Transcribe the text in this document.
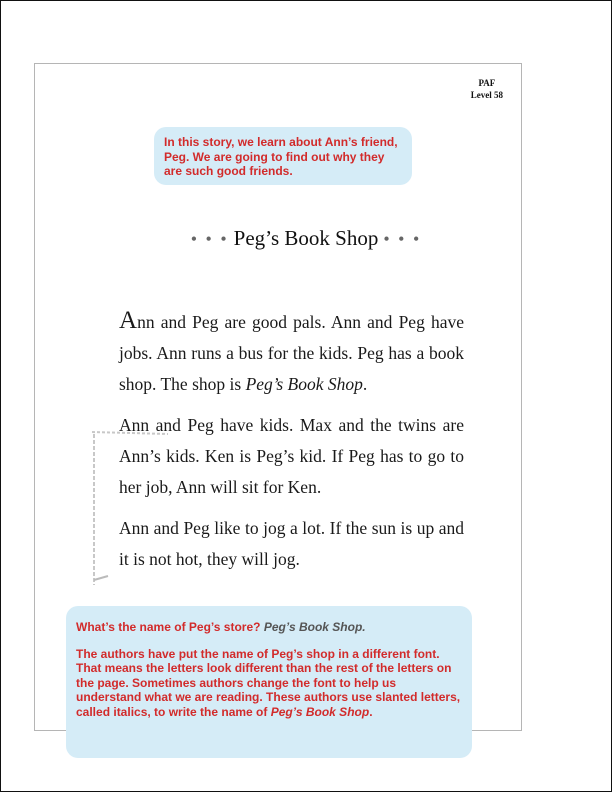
PAF
Level 58

In this story, we learn about Ann’s friend, Peg. We are going to find out why they are such good friends.

• • • Peg’s Book Shop • • •

Ann and Peg are good pals. Ann and Peg have jobs. Ann runs a bus for the kids. Peg has a book shop. The shop is Peg’s Book Shop.

Ann and Peg have kids. Max and the twins are Ann’s kids. Ken is Peg’s kid. If Peg has to go to her job, Ann will sit for Ken.

Ann and Peg like to jog a lot. If the sun is up and it is not hot, they will jog.

What’s the name of Peg’s store? Peg’s Book Shop.

The authors have put the name of Peg’s shop in a different font. That means the letters look different than the rest of the letters on the page. Sometimes authors change the font to help us understand what we are reading. These authors use slanted letters, called italics, to write the name of Peg’s Book Shop.
